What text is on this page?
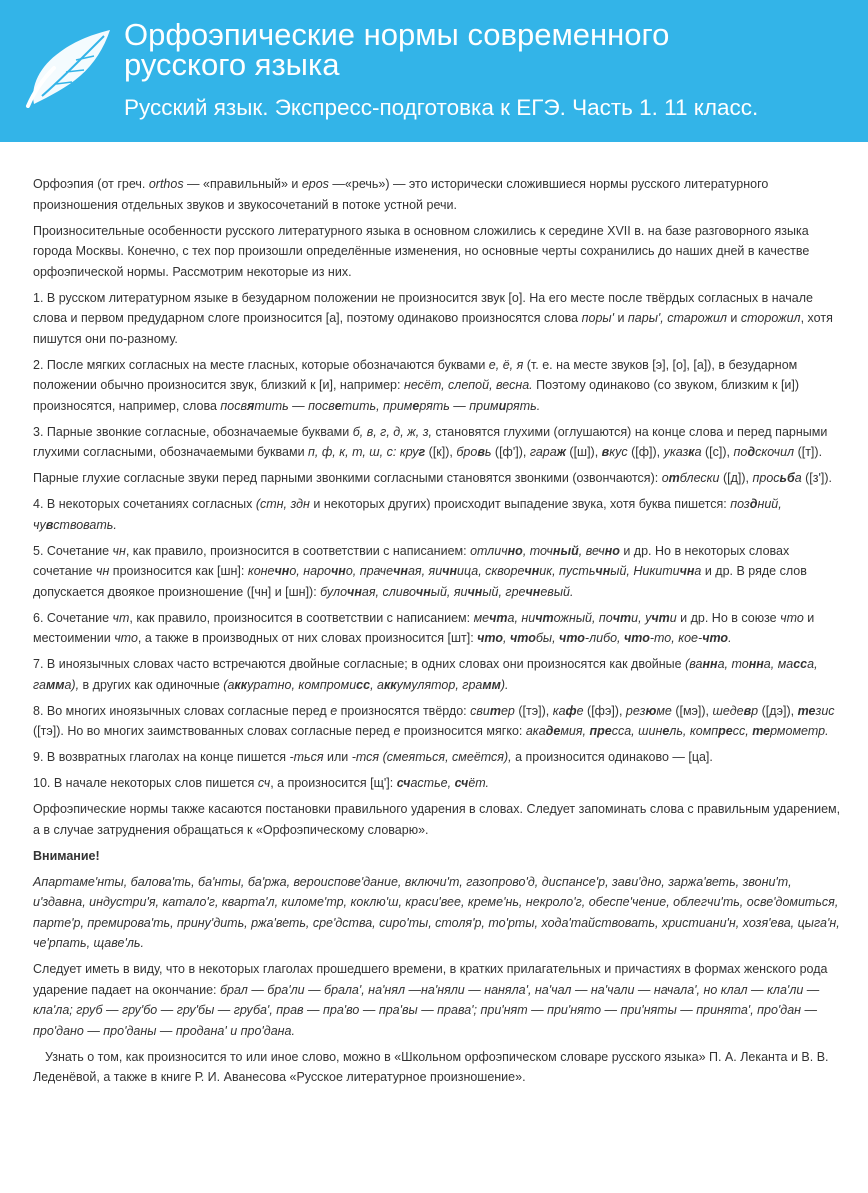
Орфоэпические нормы современного
русского языка
Русский язык. Экспресс-подготовка к ЕГЭ. Часть 1. 11 класс.

Орфоэпия (от греч. orthos — «правильный» и epos —«речь») — это исторически сложившиеся нормы русского литературного произношения отдельных звуков и звукосочетаний в потоке устной речи.

Произносительные особенности русского литературного языка в основном сложились к середине XVII в. на базе разговорного языка города Москвы. Конечно, с тех пор произошли определённые изменения, но основные черты сохранились до наших дней в качестве орфоэпической нормы. Рассмотрим некоторые из них.

1. В русском литературном языке в безударном положении не произносится звук [о]. На его месте после твёрдых согласных в начале слова и первом предударном слоге произносится [а], поэтому одинаково произносятся слова поры' и пары', старожил и сторожил, хотя пишутся они по-разному.

2. После мягких согласных на месте гласных, которые обозначаются буквами е, ё, я (т. е. на месте звуков [э], [о], [а]), в безударном положении обычно произносится звук, близкий к [и], например: несёт, слепой, весна. Поэтому одинаково (со звуком, близким к [и]) произносятся, например, слова посвятить — посветить, примерять — примирять.

3. Парные звонкие согласные, обозначаемые буквами б, в, г, д, ж, з, становятся глухими (оглушаются) на конце слова и перед парными глухими согласными, обозначаемыми буквами п, ф, к, т, ш, с: круг ([к]), бровь ([ф']), гараж ([ш]), вкус ([ф]), указка ([с]), подскочил ([т]).

Парные глухие согласные звуки перед парными звонкими согласными становятся звонкими (озвончаются): отблески ([д]), просьба ([з']).

4. В некоторых сочетаниях согласных (стн, здн и некоторых других) происходит выпадение звука, хотя буква пишется: поздний, чувствовать.

5. Сочетание чн, как правило, произносится в соответствии с написанием: отлично, точный, вечно и др. Но в некоторых словах сочетание чн произносится как [шн]: конечно, нарочно, прачечная, яичница, скворечник, пустьчный, Никитична и др. В ряде слов допускается двоякое произношение ([чн] и [шн]): булочная, сливочный, яичный, гречневый.

6. Сочетание чт, как правило, произносится в соответствии с написанием: мечта, ничтожный, почти, учти и др. Но в союзе что и местоимении что, а также в производных от них словах произносится [шт]: что, чтобы, что-либо, что-то, кое-что.

7. В иноязычных словах часто встречаются двойные согласные; в одних словах они произносятся как двойные (ванна, тонна, масса, гамма), в других как одиночные (аккуратно, компромисс, аккумулятор, грамм).

8. Во многих иноязычных словах согласные перед е произносятся твёрдо: свитер ([тэ]), кафе ([фэ]), резюме ([мэ]), шедевр ([дэ]), тезис ([тэ]). Но во многих заимствованных словах согласные перед е произносится мягко: академия, пресса, шинель, компресс, термометр.

9. В возвратных глаголах на конце пишется -ться или -тся (смеяться, смеётся), а произносится одинаково — [ца].

10. В начале некоторых слов пишется сч, а произносится [щ']: счастье, счёт.

Орфоэпические нормы также касаются постановки правильного ударения в словах. Следует запоминать слова с правильным ударением, а в случае затруднения обращаться к «Орфоэпическому словарю».

Внимание!

Апартаме'нты, балова'ть, ба'нты, ба'ржа, вероиспове'дание, включи'т, газопрово'д, диспансе'р, зави'дно, заржа'веть, звони'т, и'здавна, индустри'я, катало'г, кварта'л, киломе'тр, коклю'ш, краси'вее, креме'нь, некроло'г, обеспе'чение, облегчи'ть, осве'домиться, парте'р, премирова'ть, прину'дить, ржа'веть, сре'дства, сиро'ты, столя'р, то'рты, хода'тайствовать, христиани'н, хозя'ева, цыга'н, че'рпать, щаве'ль.

Следует иметь в виду, что в некоторых глаголах прошедшего времени, в кратких прилагательных и причастиях в формах женского рода ударение падает на окончание: брал — бра'ли — брала', на'нял —на'няли — наняла', на'чал — на'чали — начала', но клал — кла'ли — кла'ла; груб — гру'бо — гру'бы — груба', прав — пра'во — пра'вы — права'; при'нят — при'нято — при'няты — принята', про'дан — про'дано — про'даны — продана' и про'дана.

Узнать о том, как произносится то или иное слово, можно в «Школьном орфоэпическом словаре русского языка» П. А. Леканта и В. В. Леденёвой, а также в книге Р. И. Аванесова «Русское литературное произношение».
